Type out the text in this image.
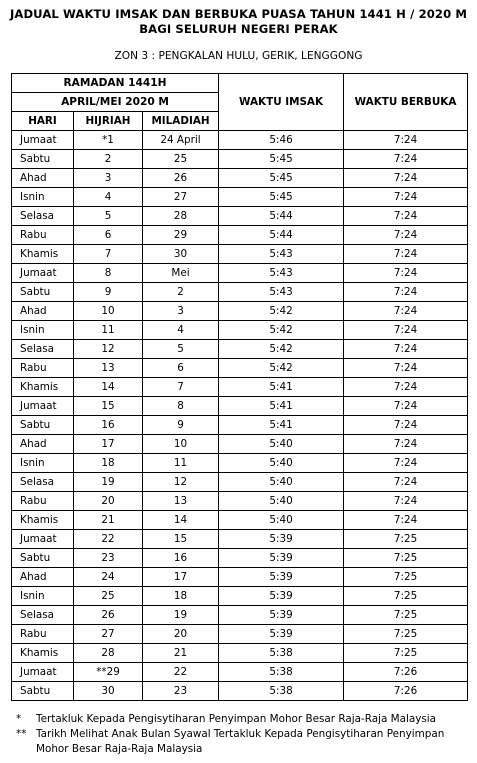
JADUAL WAKTU IMSAK DAN BERBUKA PUASA TAHUN 1441 H / 2020 M
BAGI SELURUH NEGERI PERAK
ZON 3 : PENGKALAN HULU, GERIK, LENGGONG
RAMADAN 1441H			WAKTU IMSAK	WAKTU BERBUKA
APRIL/MEI 2020 M				
HARI	HIJRIAH	MILADIAH		
Jumaat	*1	24 April	5:46	7:24
Sabtu	2	25	5:45	7:24
Ahad	3	26	5:45	7:24
Isnin	4	27	5:45	7:24
Selasa	5	28	5:44	7:24
Rabu	6	29	5:44	7:24
Khamis	7	30	5:43	7:24
Jumaat	8	Mei	5:43	7:24
Sabtu	9	2	5:43	7:24
Ahad	10	3	5:42	7:24
Isnin	11	4	5:42	7:24
Selasa	12	5	5:42	7:24
Rabu	13	6	5:42	7:24
Khamis	14	7	5:41	7:24
Jumaat	15	8	5:41	7:24
Sabtu	16	9	5:41	7:24
Ahad	17	10	5:40	7:24
Isnin	18	11	5:40	7:24
Selasa	19	12	5:40	7:24
Rabu	20	13	5:40	7:24
Khamis	21	14	5:40	7:24
Jumaat	22	15	5:39	7:25
Sabtu	23	16	5:39	7:25
Ahad	24	17	5:39	7:25
Isnin	25	18	5:39	7:25
Selasa	26	19	5:39	7:25
Rabu	27	20	5:39	7:25
Khamis	28	21	5:38	7:25
Jumaat	**29	22	5:38	7:26
Sabtu	30	23	5:38	7:26
*	Tertakluk Kepada Pengisytiharan Penyimpan Mohor Besar Raja-Raja Malaysia
** Tarikh Melihat Anak Bulan Syawal Tertakluk Kepada Pengisytiharan Penyimpan Mohor Besar Raja-Raja Malaysia
